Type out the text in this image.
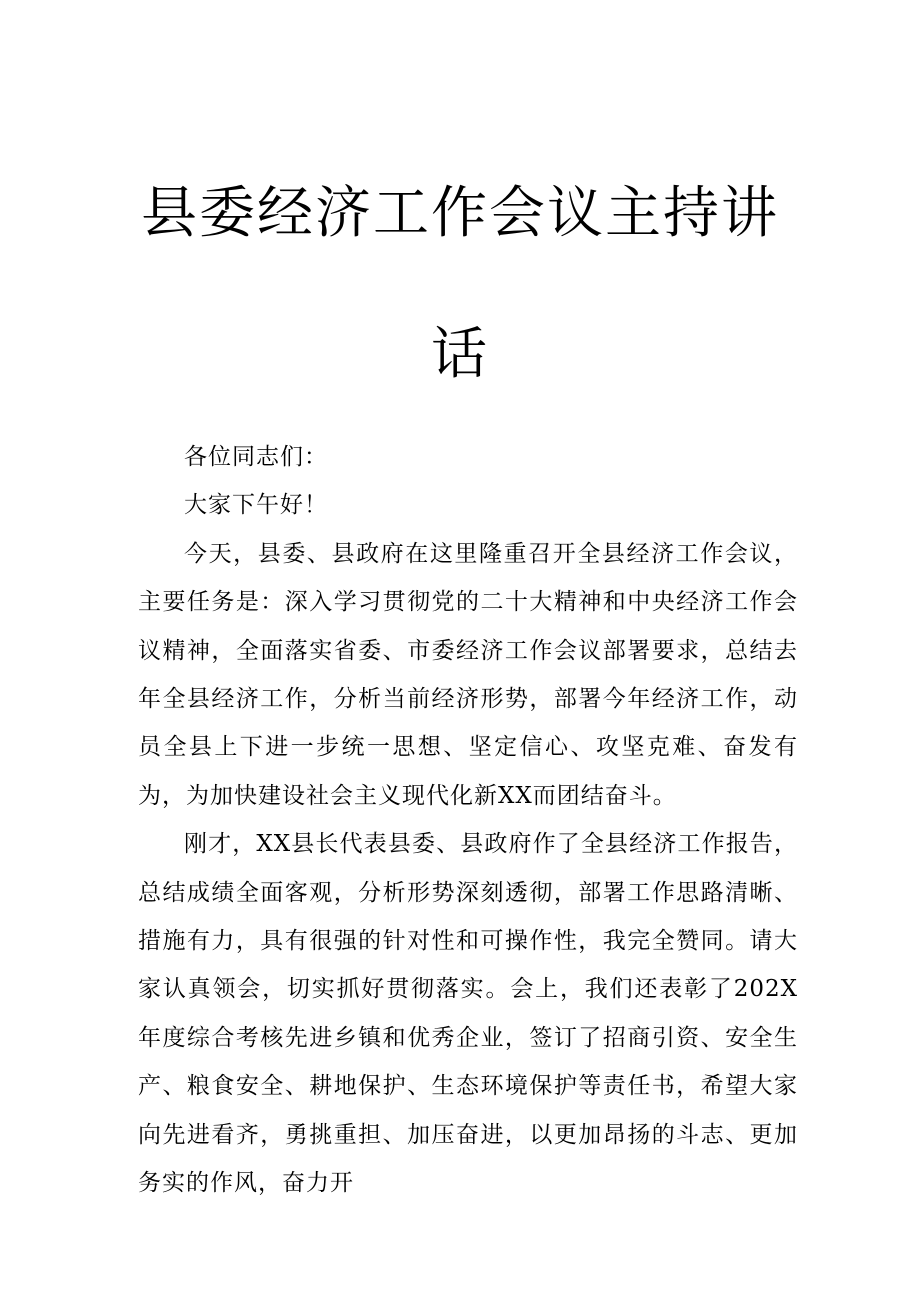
县委经济工作会议主持讲
话

各位同志们：

大家下午好！

今天，县委、县政府在这里隆重召开全县经济工作会议，主要任务是：深入学习贯彻党的二十大精神和中央经济工作会议精神，全面落实省委、市委经济工作会议部署要求，总结去年全县经济工作，分析当前经济形势，部署今年经济工作，动员全县上下进一步统一思想、坚定信心、攻坚克难、奋发有为，为加快建设社会主义现代化新XX而团结奋斗。

刚才，XX县长代表县委、县政府作了全县经济工作报告，总结成绩全面客观，分析形势深刻透彻，部署工作思路清晰、措施有力，具有很强的针对性和可操作性，我完全赞同。请大家认真领会，切实抓好贯彻落实。会上，我们还表彰了202X年度综合考核先进乡镇和优秀企业，签订了招商引资、安全生产、粮食安全、耕地保护、生态环境保护等责任书，希望大家向先进看齐，勇挑重担、加压奋进，以更加昂扬的斗志、更加务实的作风，奋力开
